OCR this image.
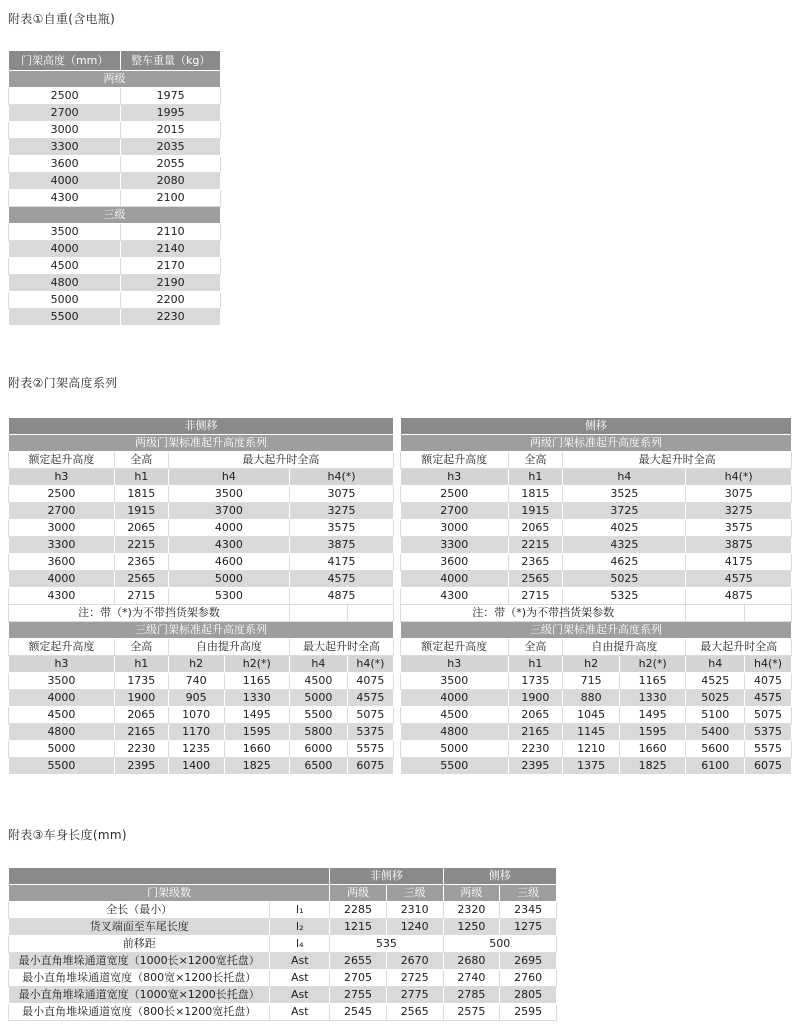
附表①自重(含电瓶)
门架高度（mm）	整车重量（kg）
两级	
2500	1975
2700	1995
3000	2015
3300	2035
3600	2055
4000	2080
4300	2100
三级	
3500	2110
4000	2140
4500	2170
4800	2190
5000	2200
5500	2230
附表②门架高度系列
非侧移					
两级门架标准起升高度系列					
额定起升高度	全高	最大起升时全高			
h3	h1	h4		h4(*)	
2500	1815	3500		3075	
2700	1915	3700		3275	
3000	2065	4000		3575	
3300	2215	4300		3875	
3600	2365	4600		4175	
4000	2565	5000		4575	
4300	2715	5300		4875	
注：带（*)为不带挡货架参数					
三级门架标准起升高度系列					
额定起升高度	全高	自由提升高度		最大起升时全高	
h3	h1	h2	h2(*)	h4	h4(*)
3500	1735	740	1165	4500	4075
4000	1900	905	1330	5000	4575
4500	2065	1070	1495	5500	5075
4800	2165	1170	1595	5800	5375
5000	2230	1235	1660	6000	5575
5500	2395	1400	1825	6500	6075
侧移					
两级门架标准起升高度系列					
额定起升高度	全高	最大起升时全高			
h3	h1	h4		h4(*)	
2500	1815	3525		3075	
2700	1915	3725		3275	
3000	2065	4025		3575	
3300	2215	4325		3875	
3600	2365	4625		4175	
4000	2565	5025		4575	
4300	2715	5325		4875	
注：带（*)为不带挡货架参数					
三级门架标准起升高度系列					
额定起升高度	全高	自由提升高度		最大起升时全高	
h3	h1	h2	h2(*)	h4	h4(*)
3500	1735	715	1165	4525	4075
4000	1900	880	1330	5025	4575
4500	2065	1045	1495	5100	5075
4800	2165	1145	1595	5400	5375
5000	2230	1210	1660	5600	5575
5500	2395	1375	1825	6100	6075
附表③车身长度(mm)
		非侧移		侧移	
门架级数		两级	三级	两级	三级
全长（最小）	l₁	2285	2310	2320	2345
货叉端面至车尾长度	l₂	1215	1240	1250	1275
前移距	l₄	535		500	
最小直角堆垛通道宽度（1000长×1200宽托盘）	Ast	2655	2670	2680	2695
最小直角堆垛通道宽度（800宽×1200长托盘）	Ast	2705	2725	2740	2760
最小直角堆垛通道宽度（1000宽×1200长托盘）	Ast	2755	2775	2785	2805
最小直角堆垛通道宽度（800长×1200宽托盘）	Ast	2545	2565	2575	2595
